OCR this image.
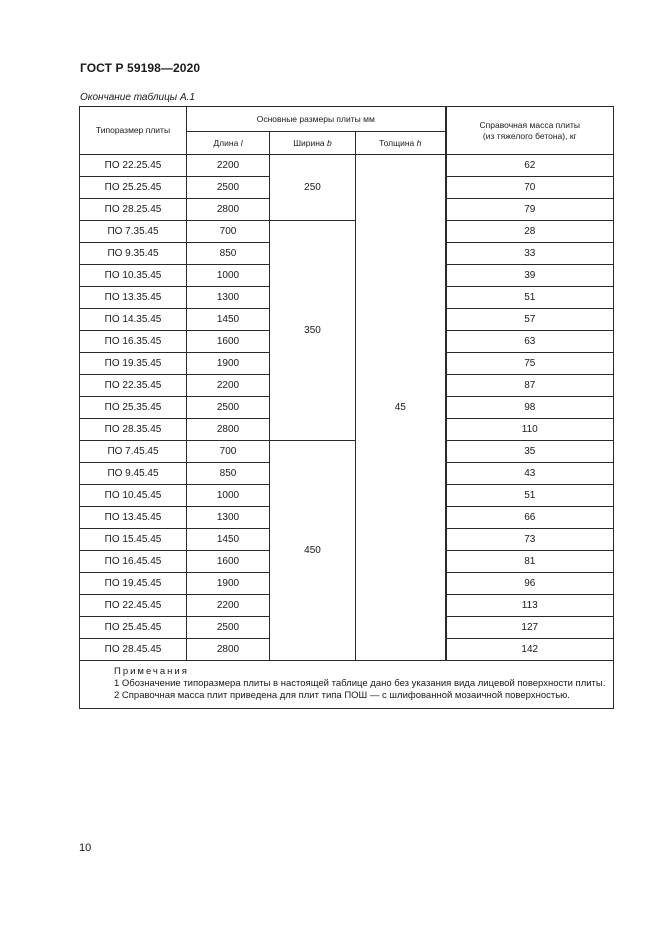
ГОСТ Р 59198—2020
Окончание таблицы А.1
Типоразмер плиты	Основные размеры плиты мм			Справочная масса плиты
(из тяжелого бетона), кг
	Длина l	Ширина b	Толщина h	
ПО 22.25.45	2200	250	45	62
ПО 25.25.45	2500			70
ПО 28.25.45	2800			79
ПО 7.35.45	700	350		28
ПО 9.35.45	850			33
ПО 10.35.45	1000			39
ПО 13.35.45	1300			51
ПО 14.35.45	1450			57
ПО 16.35.45	1600			63
ПО 19.35.45	1900			75
ПО 22.35.45	2200			87
ПО 25.35.45	2500			98
ПО 28.35.45	2800			110
ПО 7.45.45	700	450		35
ПО 9.45.45	850			43
ПО 10.45.45	1000			51
ПО 13.45.45	1300			66
ПО 15.45.45	1450			73
ПО 16.45.45	1600			81
ПО 19.45.45	1900			96
ПО 22.45.45	2200			113
ПО 25.45.45	2500			127
ПО 28.45.45	2800			142

Примечания
1 Обозначение типоразмера плиты в настоящей таблице дано без указания вида лицевой поверхности плиты.
2 Справочная масса плит приведена для плит типа ПОШ — с шлифованной мозаичной поверхностью.				
10
